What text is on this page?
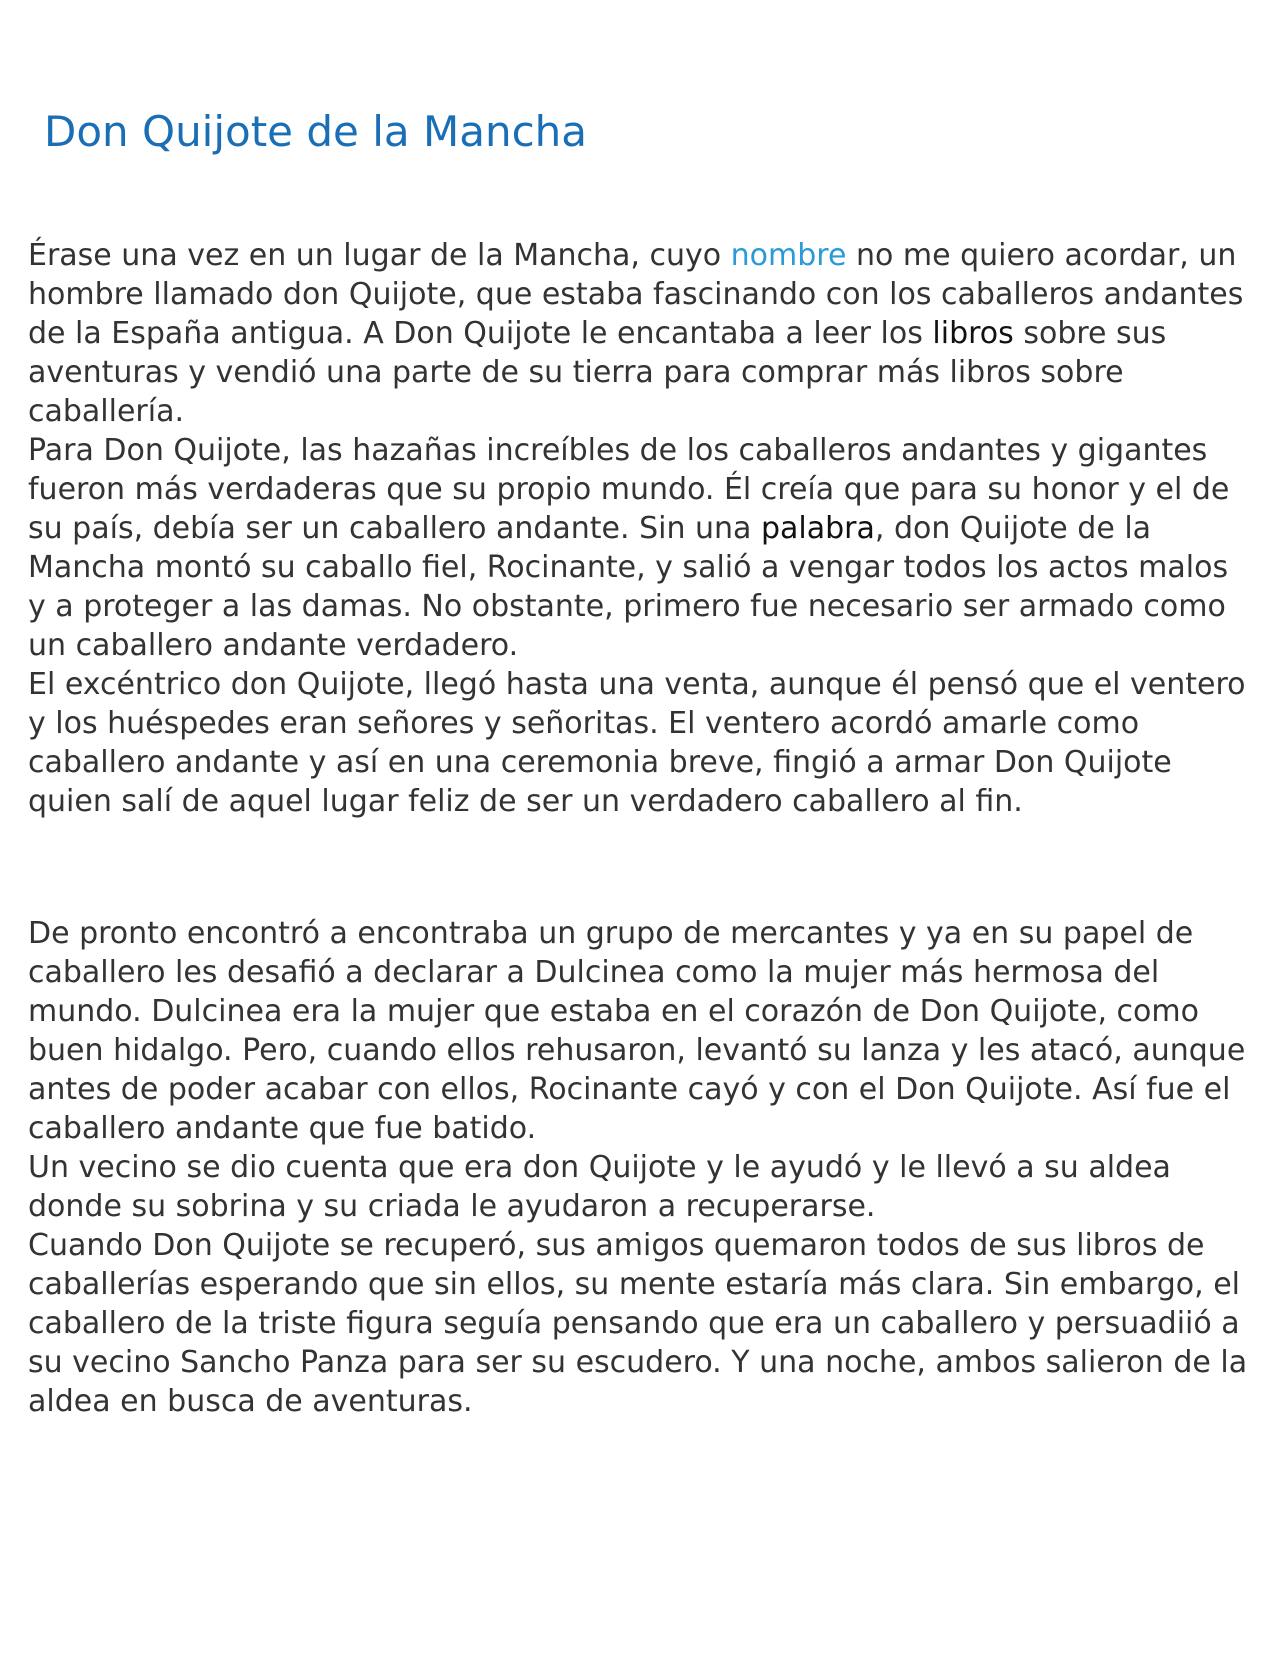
Don Quijote de la Mancha

Érase una vez en un lugar de la Mancha, cuyo nombre no me quiero acordar, un hombre llamado don Quijote, que estaba fascinando con los caballeros andantes de la España antigua. A Don Quijote le encantaba a leer los libros sobre sus aventuras y vendió una parte de su tierra para comprar más libros sobre caballería.

Para Don Quijote, las hazañas increíbles de los caballeros andantes y gigantes fueron más verdaderas que su propio mundo. Él creía que para su honor y el de su país, debía ser un caballero andante. Sin una palabra, don Quijote de la Mancha montó su caballo fiel, Rocinante, y salió a vengar todos los actos malos y a proteger a las damas. No obstante, primero fue necesario ser armado como un caballero andante verdadero.

El excéntrico don Quijote, llegó hasta una venta, aunque él pensó que el ventero y los huéspedes eran señores y señoritas. El ventero acordó amarle como caballero andante y así en una ceremonia breve, fingió a armar Don Quijote quien salí de aquel lugar feliz de ser un verdadero caballero al fin.

De pronto encontró a encontraba un grupo de mercantes y ya en su papel de caballero les desafió a declarar a Dulcinea como la mujer más hermosa del mundo. Dulcinea era la mujer que estaba en el corazón de Don Quijote, como buen hidalgo. Pero, cuando ellos rehusaron, levantó su lanza y les atacó, aunque antes de poder acabar con ellos, Rocinante cayó y con el Don Quijote. Así fue el caballero andante que fue batido.

Un vecino se dio cuenta que era don Quijote y le ayudó y le llevó a su aldea donde su sobrina y su criada le ayudaron a recuperarse.

Cuando Don Quijote se recuperó, sus amigos quemaron todos de sus libros de caballerías esperando que sin ellos, su mente estaría más clara. Sin embargo, el caballero de la triste figura seguía pensando que era un caballero y persuadiió a su vecino Sancho Panza para ser su escudero. Y una noche, ambos salieron de la aldea en busca de aventuras.
